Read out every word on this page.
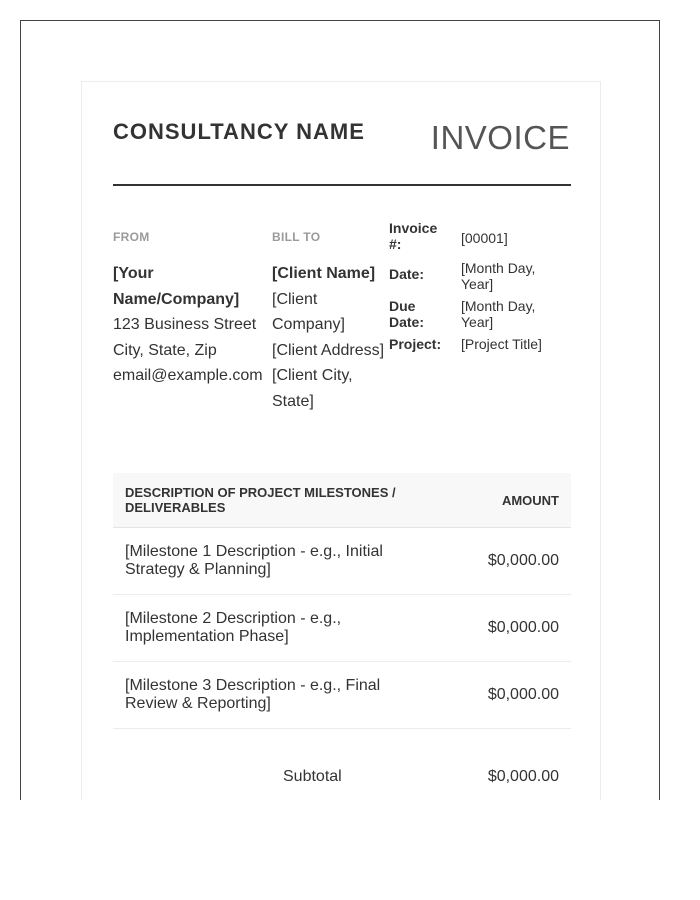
CONSULTANCY NAME INVOICE
FROM
[Your
Name/Company]
123 Business Street
City, State, Zip
email@example.com
BILL TO
[Client Name]
[Client
Company]
[Client Address]
[Client City,
State]
Invoice
#:	[00001]
Date:	[Month Day,
Year]
Due
Date:
[Month Day,
Year]
Project:	[Project Title]
DESCRIPTION OF PROJECT MILESTONES /
DELIVERABLES	AMOUNT
[Milestone 1 Description - e.g., Initial
Strategy & Planning]
$0,000.00
[Milestone 2 Description - e.g.,
Implementation Phase]
$0,000.00
[Milestone 3 Description - e.g., Final
Review & Reporting]
$0,000.00
Subtotal	$0,000.00
